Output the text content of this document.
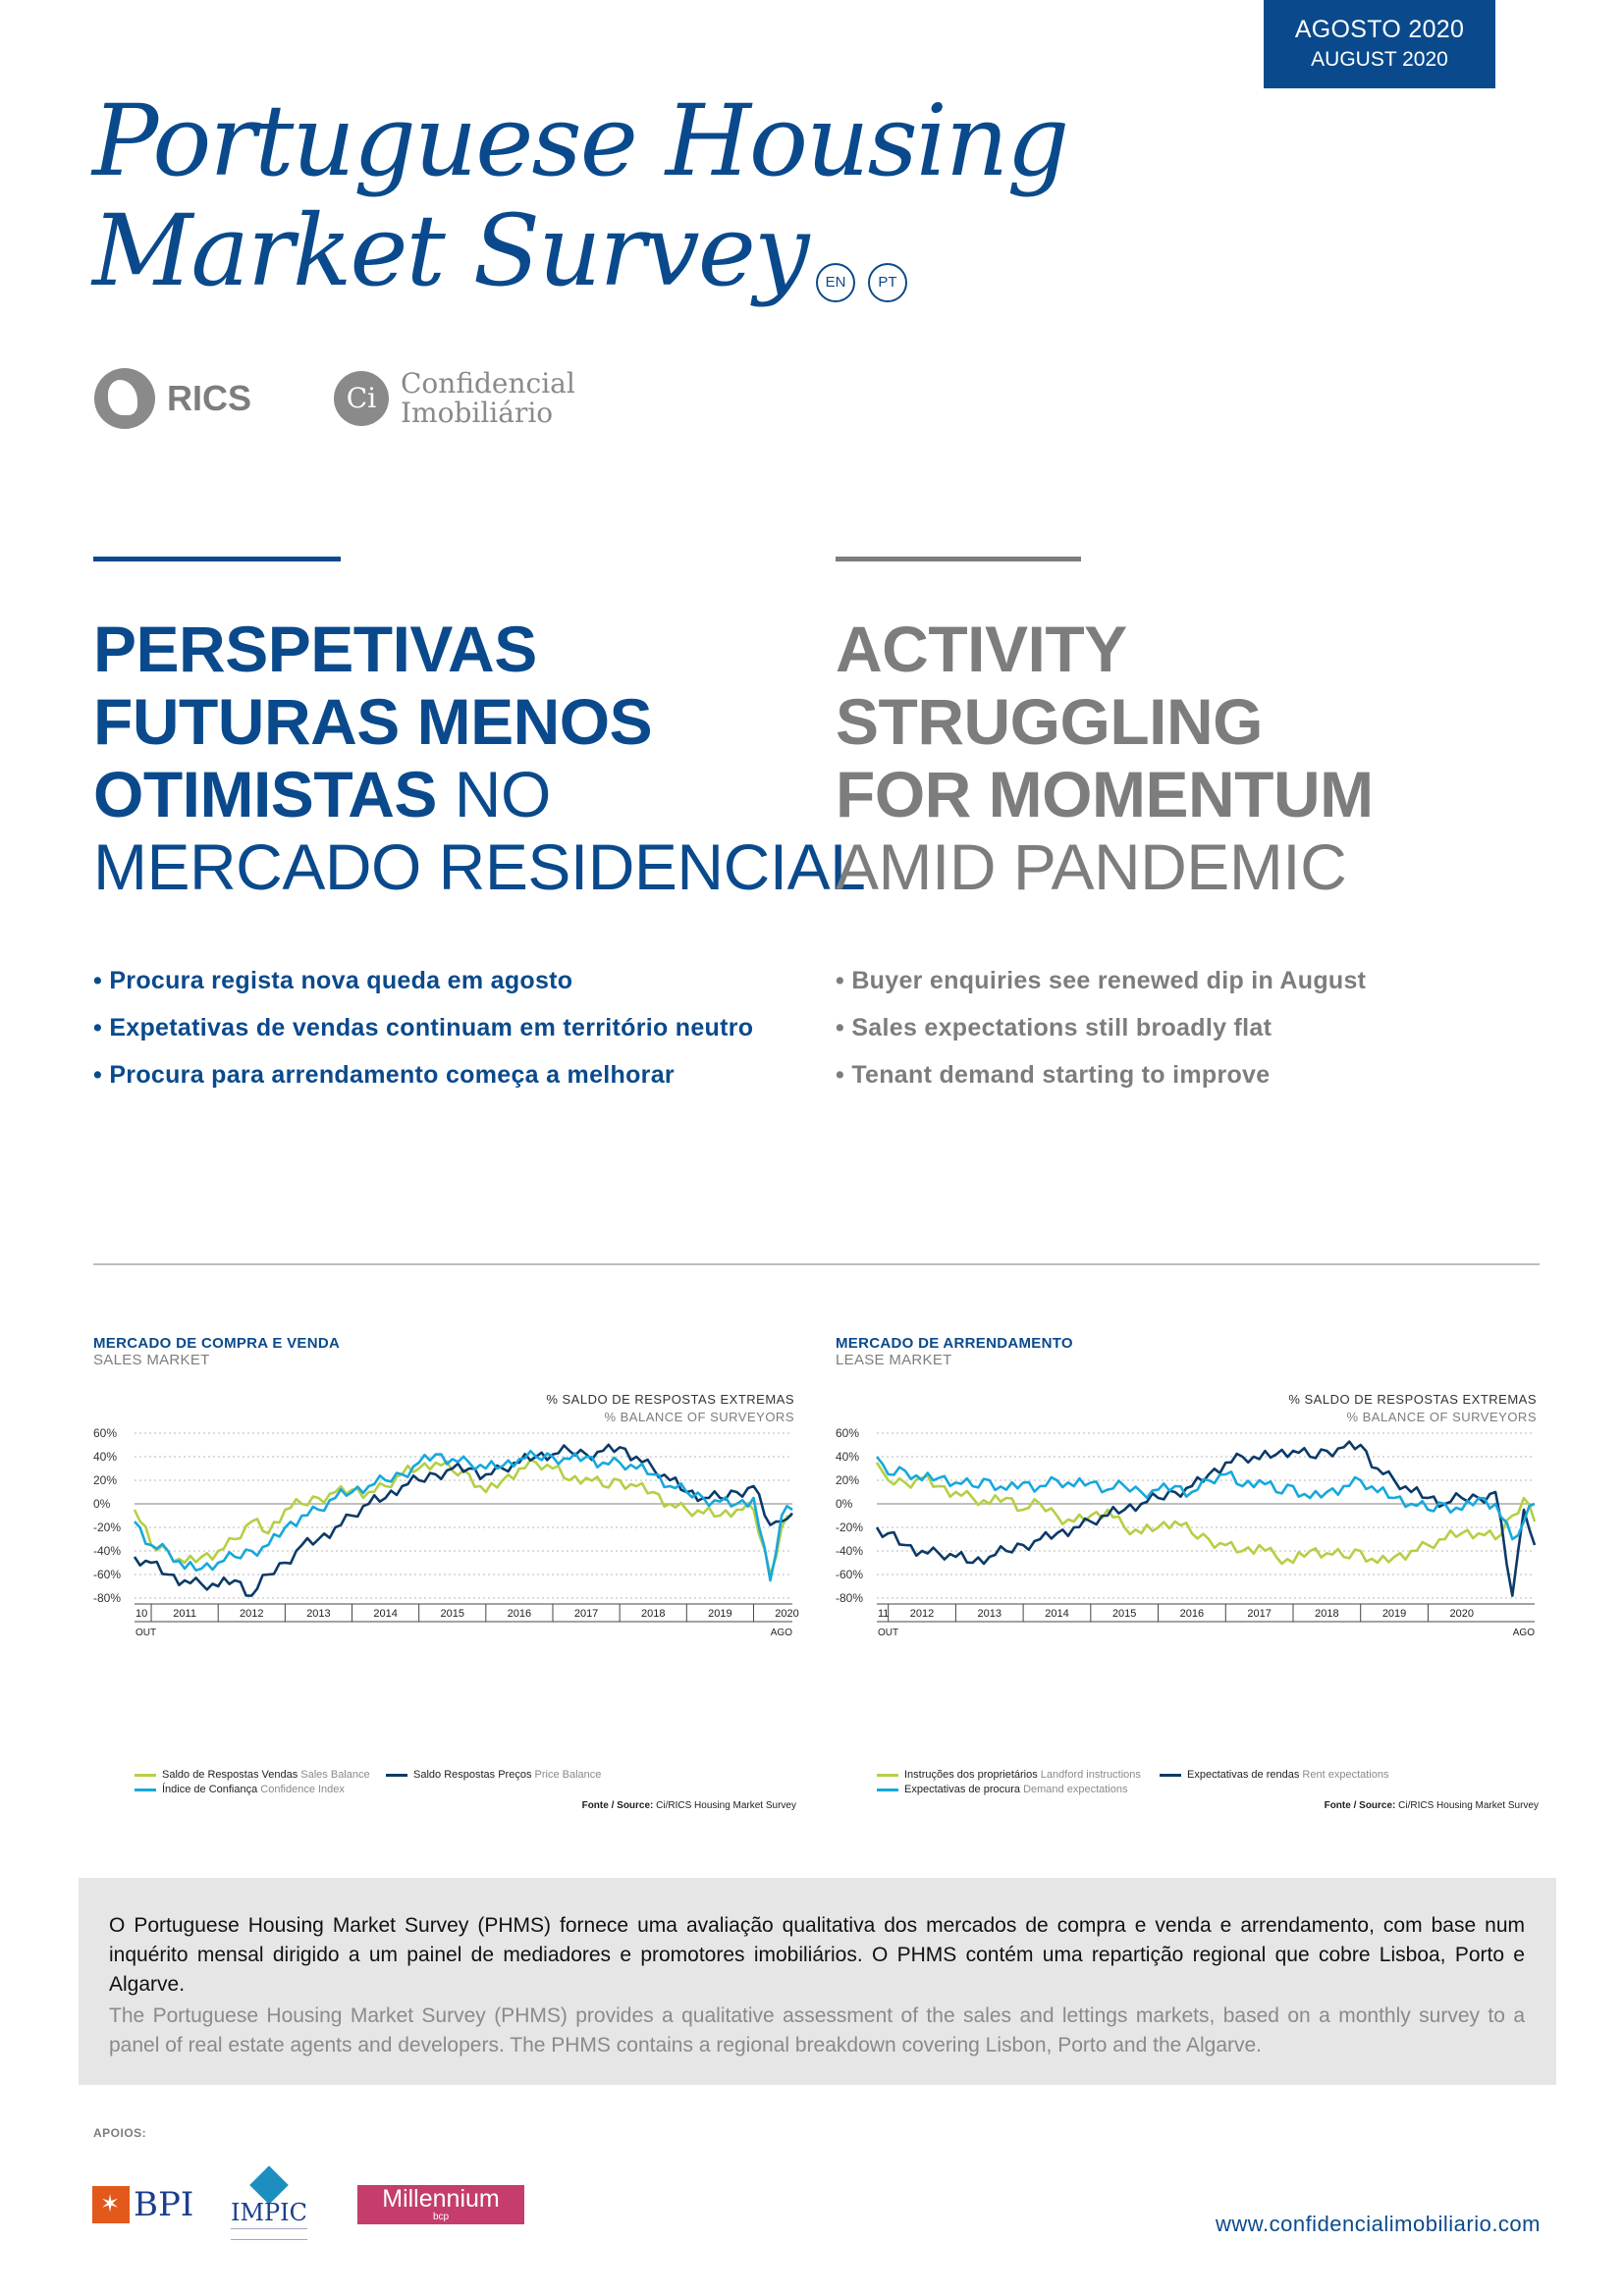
AGOSTO 2020
AUGUST 2020
Portuguese Housing
Market Survey	EN	PT
RICS	Ci Confidencial
Imobiliário
PERSPETIVAS
FUTURAS MENOS
OTIMISTAS NO
MERCADO RESIDENCIAL
ACTIVITY
STRUGGLING
FOR MOMENTUM
AMID PANDEMIC
• Procura regista nova queda em agosto
• Expetativas de vendas continuam em território neutro
• Procura para arrendamento começa a melhorar
• Buyer enquiries see renewed dip in August
• Sales expectations still broadly flat
• Tenant demand starting to improve
MERCADO DE COMPRA E VENDA
SALES MARKET
% SALDO DE RESPOSTAS EXTREMAS
% BALANCE OF SURVEYORS
60%
40%
20%
0%
-20%
-40%
-60%
-80%
10 2011	2012	2013	2014	2015	2016	2017	2018	2019	2020
OUT	AGO
Saldo de Respostas Vendas Sales Balance	Saldo Respostas Preços Price Balance
Índice de Confiança Confidence Index
Fonte / Source: Ci/RICS Housing Market Survey
MERCADO DE ARRENDAMENTO
LEASE MARKET
% SALDO DE RESPOSTAS EXTREMAS
% BALANCE OF SURVEYORS
60%
40%
20%
0%
-20%
-40%
-60%
-80%
11 2012	2013	2014	2015	2016	2017	2018	2019	2020
OUT	AGO
Instruções dos proprietários Landford instructions	Expectativas de rendas Rent expectations
Expectativas de procura Demand expectations
Fonte / Source: Ci/RICS Housing Market Survey
O Portuguese Housing Market Survey (PHMS) fornece uma avaliação qualitativa dos mercados de compra e venda e arrendamento, com base num inquérito mensal dirigido a um painel de mediadores e promotores imobiliários. O PHMS contém uma repartição regional que cobre Lisboa, Porto e Algarve.
The Portuguese Housing Market Survey (PHMS) provides a qualitative assessment of the sales and lettings markets, based on a monthly survey to a panel of real estate agents and developers. The PHMS contains a regional breakdown covering Lisbon, Porto and the Algarve.
APOIOS:
✶
BPI IMPIC	Millennium
bcp	www.confidencialimobiliario.com
